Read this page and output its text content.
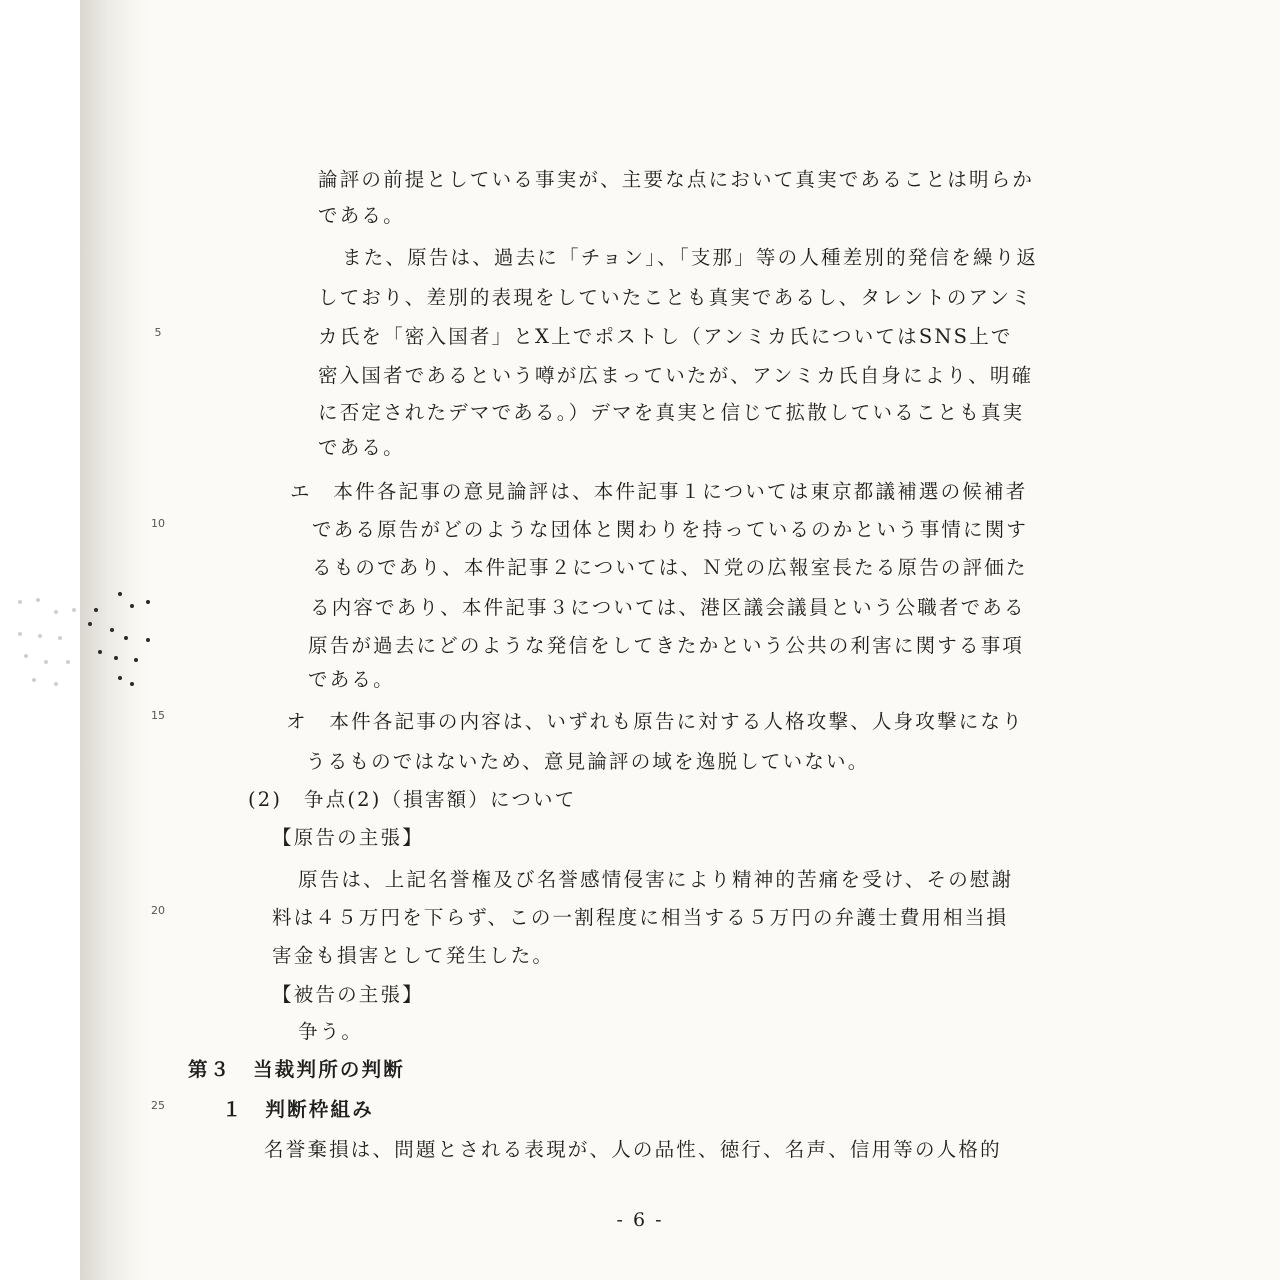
5
10
15
20
25
論評の前提としている事実が、主要な点において真実であることは明らか
である。
また、原告は、過去に「チョン」、「支那」等の人種差別的発信を繰り返
しており、差別的表現をしていたことも真実であるし、タレントのアンミ
カ氏を「密入国者」とX上でポストし（アンミカ氏についてはSNS上で
密入国者であるという噂が広まっていたが、アンミカ氏自身により、明確
に否定されたデマである。）デマを真実と信じて拡散していることも真実
である。
エ　本件各記事の意見論評は、本件記事１については東京都議補選の候補者
である原告がどのような団体と関わりを持っているのかという事情に関す
るものであり、本件記事２については、Ｎ党の広報室長たる原告の評価た
る内容であり、本件記事３については、港区議会議員という公職者である
原告が過去にどのような発信をしてきたかという公共の利害に関する事項
である。
オ　本件各記事の内容は、いずれも原告に対する人格攻撃、人身攻撃になり
うるものではないため、意見論評の域を逸脱していない。
(2)　争点(2)（損害額）について
【原告の主張】
原告は、上記名誉権及び名誉感情侵害により精神的苦痛を受け、その慰謝
料は４５万円を下らず、この一割程度に相当する５万円の弁護士費用相当損
害金も損害として発生した。
【被告の主張】
争う。
第３　当裁判所の判断
１　判断枠組み
名誉棄損は、問題とされる表現が、人の品性、徳行、名声、信用等の人格的
- 6 -
